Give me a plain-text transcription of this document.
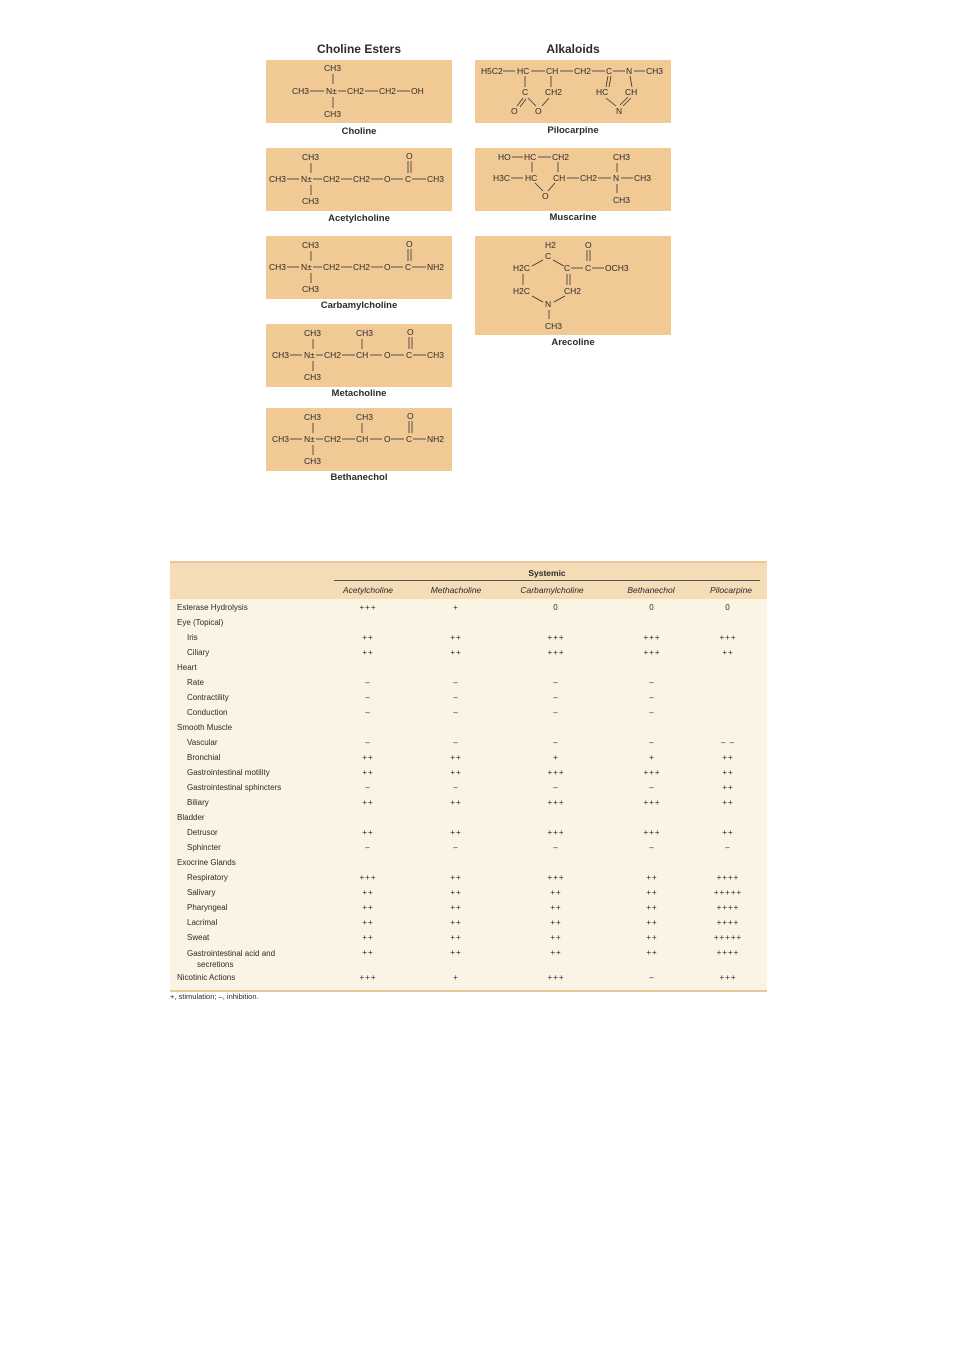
Choline Esters	Alkaloids
CH3
CH3 N± CH2 CH2 OH
CH3
Choline
CH3
CH3 N± CH2 CH2 O C
O
CH3
CH3
Acetylcholine
CH3
CH3 N± CH2 CH2 O C
O
NH2
CH3
Carbamylcholine
CH3
CH3 N± CH2 CH
CH3
O C
O
CH3
CH3
Metacholine
CH3
CH3 N± CH2 CH
CH3
O C
O
NH2
CH3
Bethanechol
H5C2 HC CH CH2 C N CH3
C CH2
O O
HC CH
N
Pilocarpine
HO HC CH2
H3C HC CH CH2 N CH3
CH3
CH3
O
Muscarine
H2
C
H2C	C C
O
OCH3
H2C	CH2
N
CH3
Arecoline
Systemic
Acetylcholine	Methacholine	Carbamylcholine	Bethanechol	Pilocarpine
Esterase Hydrolysis	+++	+	0	0	0
Eye (Topical)
Iris	++	++	+++	+++	+++
Ciliary	++	++	+++	+++	++
Heart
Rate	–	–	–	–
Contractility	–	–	–	–
Conduction	–	–	–	–
Smooth Muscle
Vascular	–	–	–	–	– –
Bronchial	++	++	+	+	++
Gastrointestinal motility	++	++	+++	+++	++
Gastrointestinal sphincters	–	–	–	–	++
Biliary	++	++	+++	+++	++
Bladder
Detrusor	++	++	+++	+++	++
Sphincter	–	–	–	–	–
Exocrine Glands
Respiratory	+++	++	+++	++	++++
Salivary	++	++	++	++	+++++
Pharyngeal	++	++	++	++	++++
Lacrimal	++	++	++	++	++++
Sweat	++	++	++	++	+++++
Gastrointestinal acid and
secretions
++	++	++	++	++++
Nicotinic Actions	+++	+	+++	–	+++
+, stimulation; –, inhibition.
